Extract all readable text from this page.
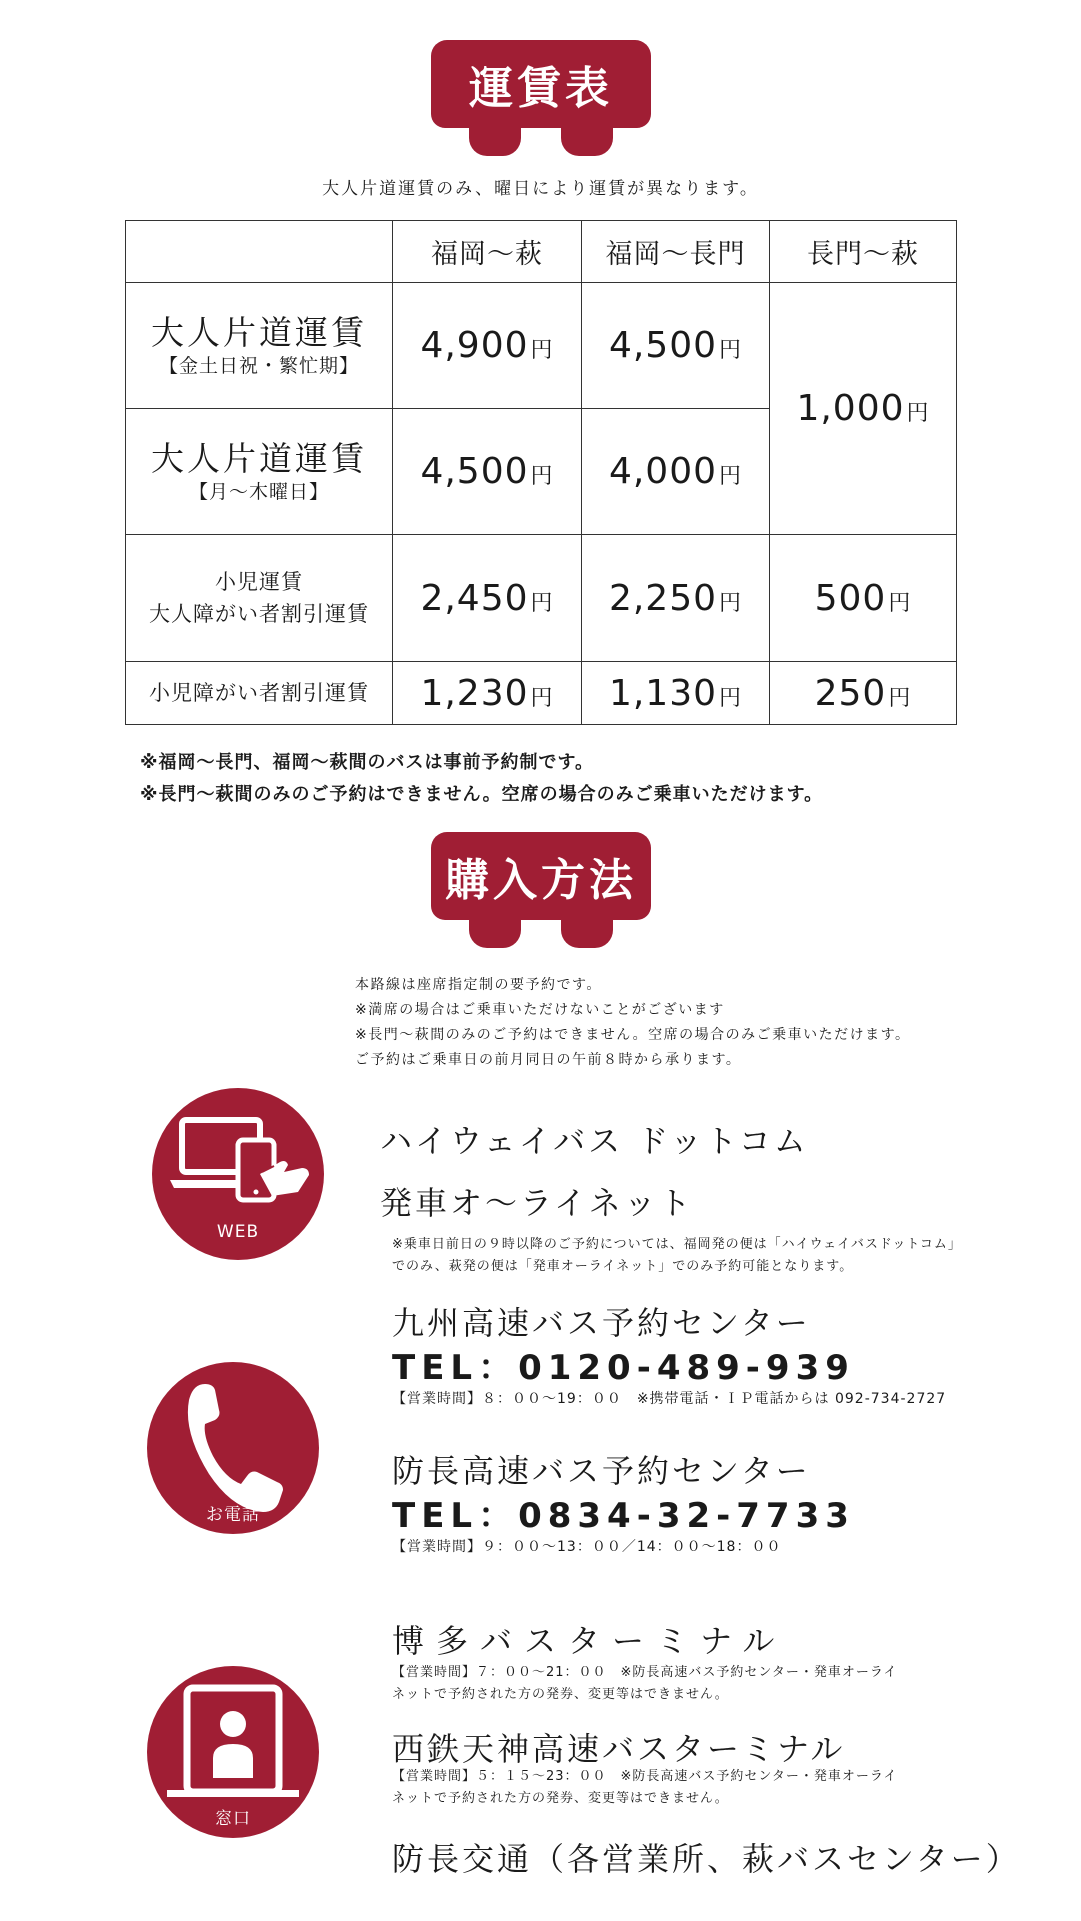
運賃表
大人片道運賃のみ、曜日により運賃が異なります。
	福岡～萩	福岡～長門	長門～萩

大人片道運賃
【金土日祝・繁忙期】	4,900円	4,500円	1,000円

大人片道運賃
【月～木曜日】	4,500円	4,000円	

小児運賃
大人障がい者割引運賃	2,450円	2,250円	500円

小児障がい者割引運賃	1,230円	1,130円	250円
※福岡～長門、福岡～萩間のバスは事前予約制です。
※長門～萩間のみのご予約はできません。空席の場合のみご乗車いただけます。
購入方法
本路線は座席指定制の要予約です。
※満席の場合はご乗車いただけないことがございます
※長門～萩間のみのご予約はできません。空席の場合のみご乗車いただけます。
ご予約はご乗車日の前月同日の午前８時から承ります。
WEB
ハイウェイバス ドットコム
発車オ～ライネット
※乗車日前日の９時以降のご予約については、福岡発の便は「ハイウェイバスドットコム」
でのみ、萩発の便は「発車オーライネット」でのみ予約可能となります。
お電話
九州高速バス予約センター
TEL：0120-489-939
【営業時間】８：００～19：００　※携帯電話・ＩＰ電話からは 092-734-2727
防長高速バス予約センター
TEL：0834-32-7733
【営業時間】９：００～13：００／14：００～18：００
窓口
博多バスターミナル
【営業時間】７：００～21：００　※防長高速バス予約センター・発車オーライ
ネットで予約された方の発券、変更等はできません。
西鉄天神高速バスターミナル
【営業時間】５：１５～23：００　※防長高速バス予約センター・発車オーライ
ネットで予約された方の発券、変更等はできません。
防長交通（各営業所、萩バスセンター）
